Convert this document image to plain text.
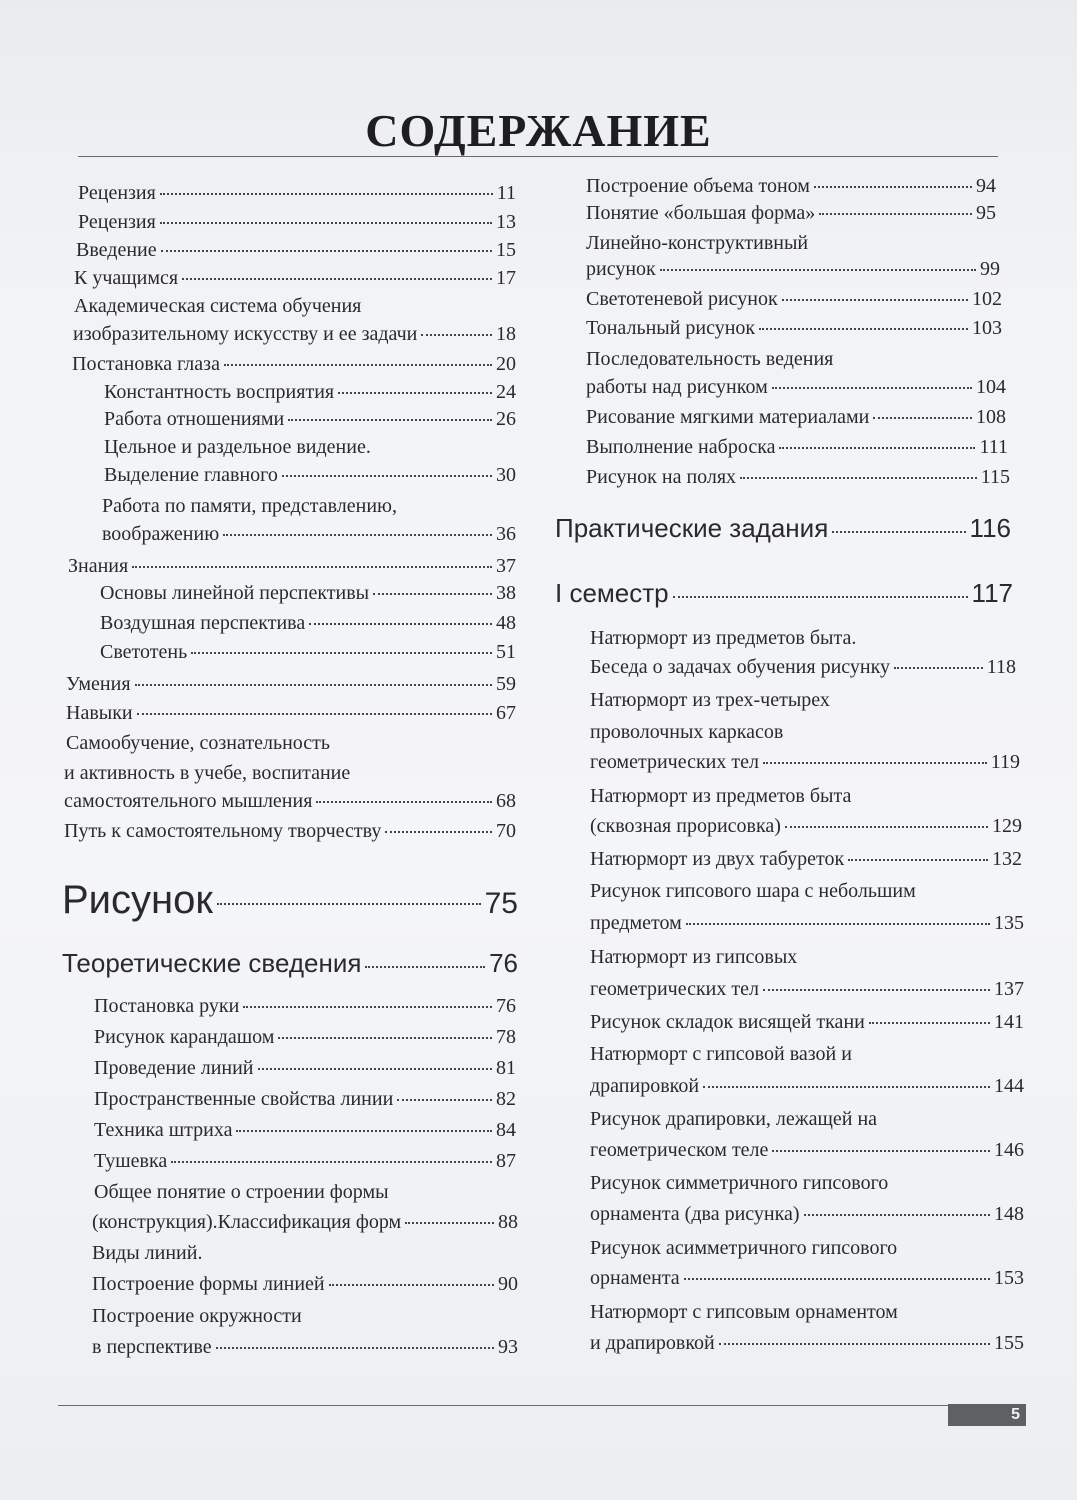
СОДЕРЖАНИЕ
Рецензия	11
Рецензия	13
Введение	15
К учащимся	17
Академическая система обучения
изобразительному искусству и ее задачи	18
Постановка глаза	20
Константность восприятия	24
Работа отношениями	26
Цельное и раздельное видение.
Выделение главного	30
Работа по памяти, представлению,
воображению	36
Знания	37
Основы линейной перспективы	38
Воздушная перспектива	48
Светотень	51
Умения	59
Навыки	67
Самообучение, сознательность
и активность в учебе, воспитание
самостоятельного мышления	68
Путь к самостоятельному творчеству	70
Рисунок	75
Теоретические сведения	76
Постановка руки	76
Рисунок карандашом	78
Проведение линий	81
Пространственные свойства линии	82
Техника штриха	84
Тушевка	87
Общее понятие о строении формы
(конструкция).Классификация форм	88
Виды линий.
Построение формы линией	90
Построение окружности
в перспективе	93
Построение объема тоном	94
Понятие «большая форма»	95
Линейно-конструктивный
рисунок	99
Светотеневой рисунок	102
Тональный рисунок	103
Последовательность ведения
работы над рисунком	104
Рисование мягкими материалами	108
Выполнение наброска	111
Рисунок на полях	115
Практические задания	116
I семестр	117
Натюрморт из предметов быта.
Беседа о задачах обучения рисунку	118
Натюрморт из трех-четырех
проволочных каркасов
геометрических тел	119
Натюрморт из предметов быта
(сквозная прорисовка)	129
Натюрморт из двух табуреток	132
Рисунок гипсового шара с небольшим
предметом	135
Натюрморт из гипсовых
геометрических тел	137
Рисунок складок висящей ткани	141
Натюрморт с гипсовой вазой и
драпировкой	144
Рисунок драпировки, лежащей на
геометрическом теле	146
Рисунок симметричного гипсового
орнамента (два рисунка)	148
Рисунок асимметричного гипсового
орнамента	153
Натюрморт с гипсовым орнаментом
и драпировкой	155
5
